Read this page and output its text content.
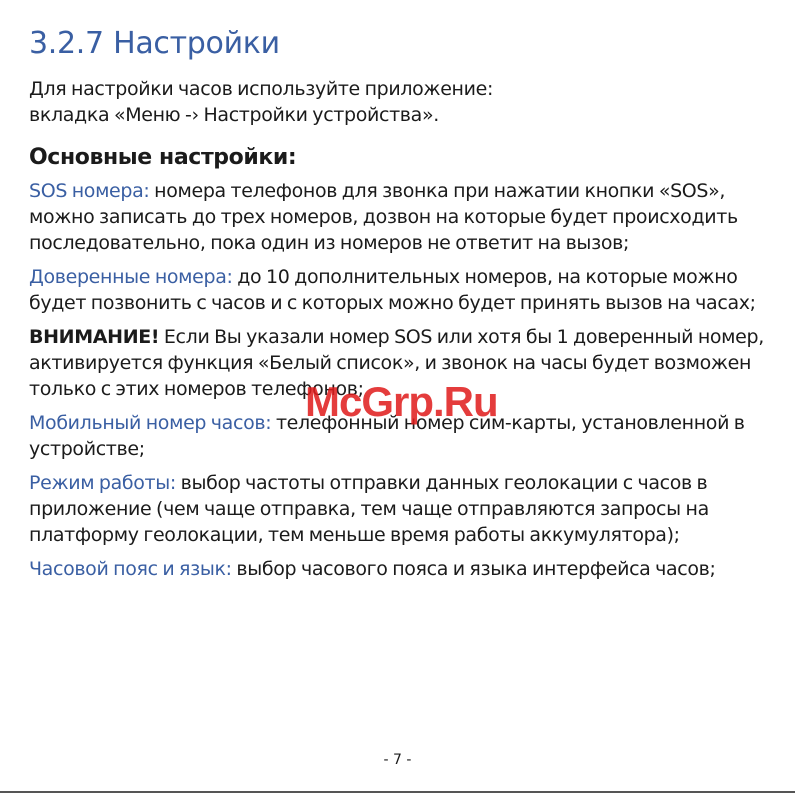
3.2.7 Настройки

Для настройки часов используйте приложение:
вкладка «Меню -› Настройки устройства».

Основные настройки:

SOS номера: номера телефонов для звонка при нажатии кнопки «SOS», можно записать до трех номеров, дозвон на которые будет происходить последовательно, пока один из номеров не ответит на вызов;

Доверенные номера: до 10 дополнительных номеров, на которые можно будет позвонить с часов и с которых можно будет принять вызов на часах;

ВНИМАНИЕ! Если Вы указали номер SOS или хотя бы 1 доверенный номер, активируется функция «Белый список», и звонок на часы будет возможен только с этих номеров телефонов;

Мобильный номер часов: телефонный номер сим-карты, установленной в устройстве;

Режим работы: выбор частоты отправки данных геолокации с часов в приложение (чем чаще отправка, тем чаще отправляются запросы на платформу геолокации, тем меньше время работы аккумулятора);

Часовой пояс и язык: выбор часового пояса и языка интерфейса часов;

McGrp.Ru
- 7 -
